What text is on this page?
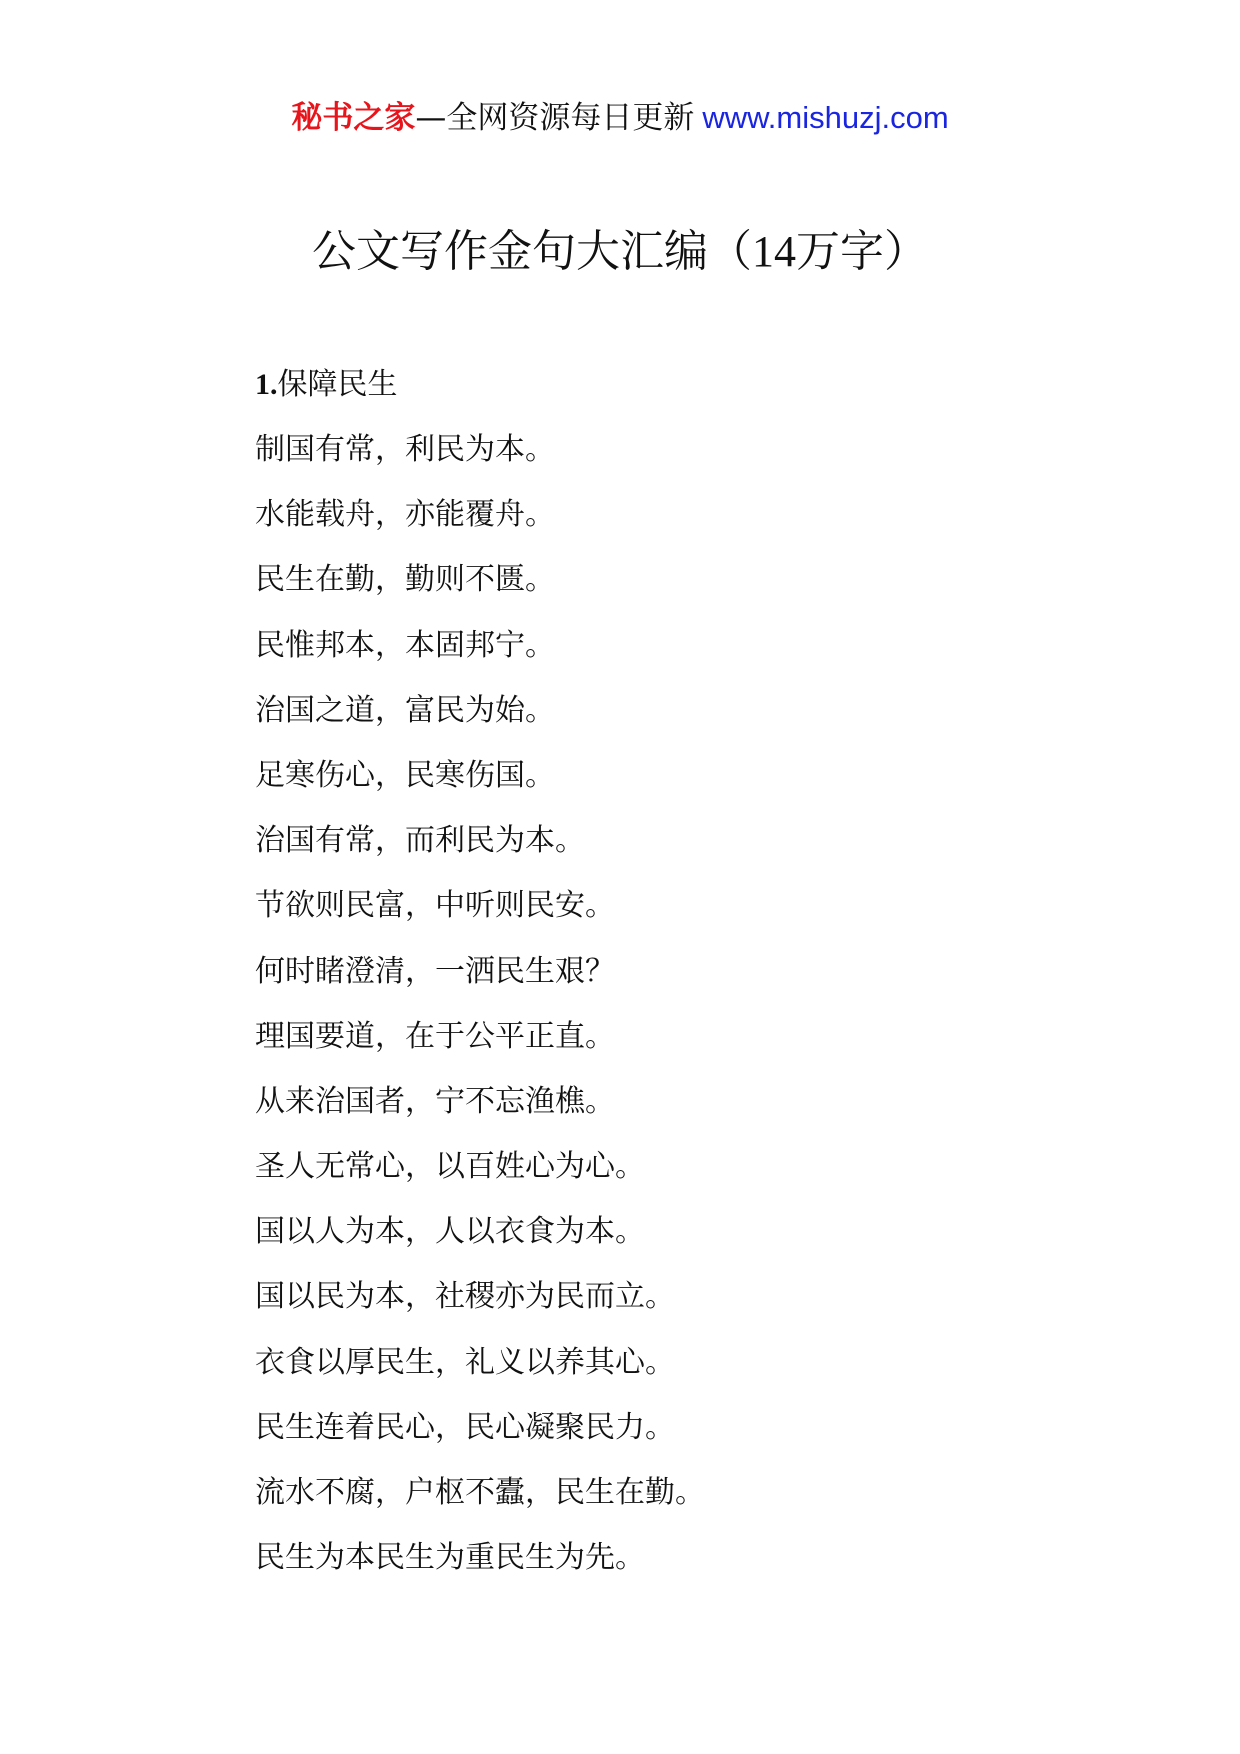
秘书之家—全网资源每日更新 www.mishuzj.com
公文写作金句大汇编（14万字）
1.保障民生
制国有常，利民为本。
水能载舟，亦能覆舟。
民生在勤，勤则不匮。
民惟邦本，本固邦宁。
治国之道，富民为始。
足寒伤心，民寒伤国。
治国有常，而利民为本。
节欲则民富，中听则民安。
何时睹澄清，一洒民生艰？
理国要道，在于公平正直。
从来治国者，宁不忘渔樵。
圣人无常心，以百姓心为心。
国以人为本，人以衣食为本。
国以民为本，社稷亦为民而立。
衣食以厚民生，礼义以养其心。
民生连着民心，民心凝聚民力。
流水不腐，户枢不蠹，民生在勤。
民生为本民生为重民生为先。
